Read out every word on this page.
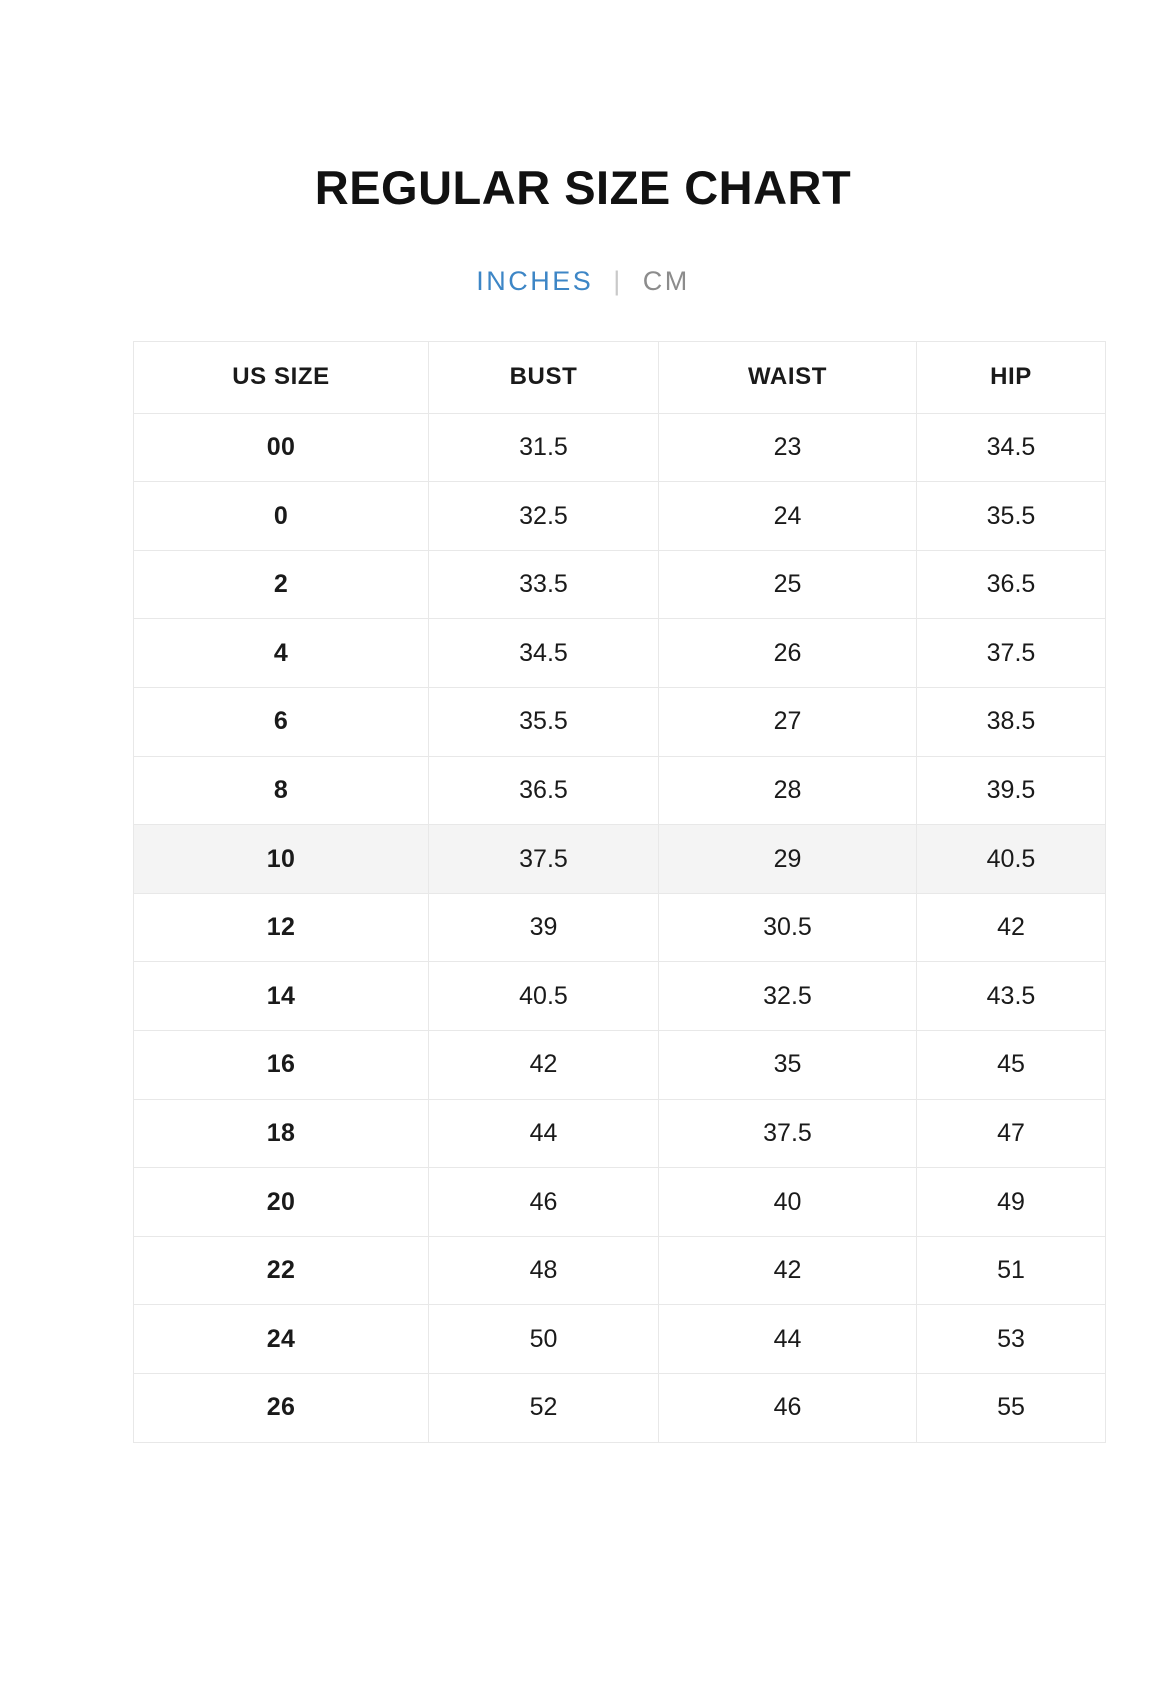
REGULAR SIZE CHART
INCHES | CM
US SIZE	BUST	WAIST	HIP
00	31.5	23	34.5
0	32.5	24	35.5
2	33.5	25	36.5
4	34.5	26	37.5
6	35.5	27	38.5
8	36.5	28	39.5
10	37.5	29	40.5
12	39	30.5	42
14	40.5	32.5	43.5
16	42	35	45
18	44	37.5	47
20	46	40	49
22	48	42	51
24	50	44	53
26	52	46	55
